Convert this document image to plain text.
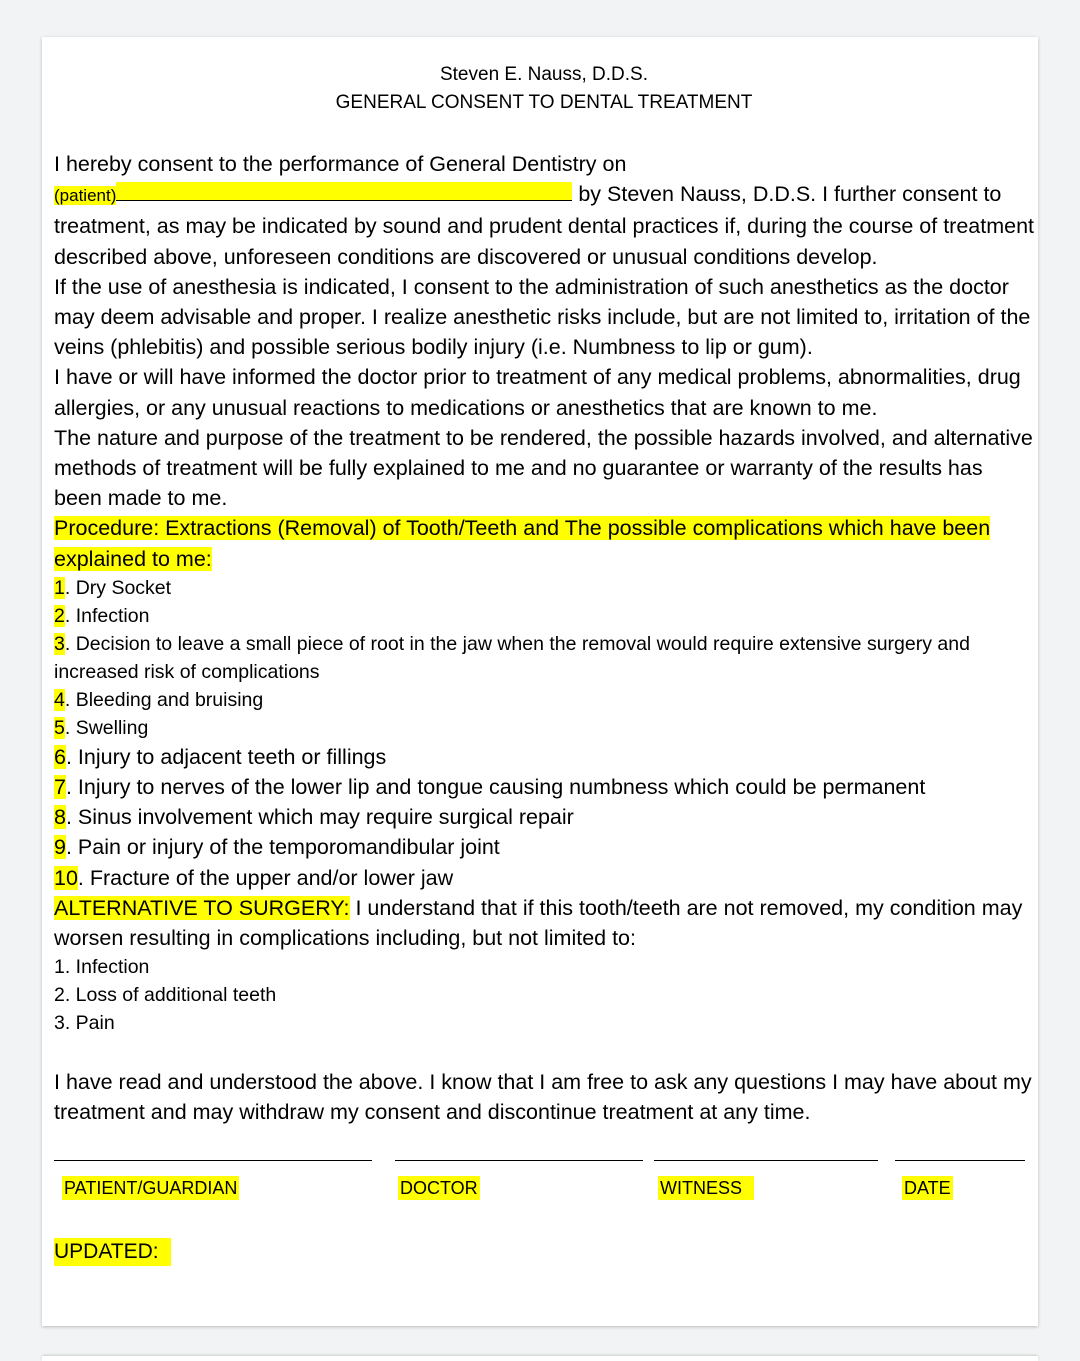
Steven E. Nauss, D.D.S.
GENERAL CONSENT TO DENTAL TREATMENT

I hereby consent to the performance of General Dentistry on
(patient)	by Steven Nauss, D.D.S. I further consent to treatment, as may be indicated by sound and prudent dental practices if, during the course of treatment described above, unforeseen conditions are discovered or unusual conditions develop.

If the use of anesthesia is indicated, I consent to the administration of such anesthetics as the doctor may deem advisable and proper. I realize anesthetic risks include, but are not limited to, irritation of the veins (phlebitis) and possible serious bodily injury (i.e. Numbness to lip or gum).

I have or will have informed the doctor prior to treatment of any medical problems, abnormalities, drug allergies, or any unusual reactions to medications or anesthetics that are known to me.

The nature and purpose of the treatment to be rendered, the possible hazards involved, and alternative methods of treatment will be fully explained to me and no guarantee or warranty of the results has been made to me.

Procedure: Extractions (Removal) of Tooth/Teeth and The possible complications which have been explained to me:

1. Dry Socket

2. Infection

3. Decision to leave a small piece of root in the jaw when the removal would require extensive surgery and increased risk of complications

4. Bleeding and bruising

5. Swelling

6. Injury to adjacent teeth or fillings

7. Injury to nerves of the lower lip and tongue causing numbness which could be permanent

8. Sinus involvement which may require surgical repair

9. Pain or injury of the temporomandibular joint

10. Fracture of the upper and/or lower jaw

ALTERNATIVE TO SURGERY: I understand that if this tooth/teeth are not removed, my condition may worsen resulting in complications including, but not limited to:

1. Infection

2. Loss of additional teeth

3. Pain

I have read and understood the above. I know that I am free to ask any questions I may have about my treatment and may withdraw my consent and discontinue treatment at any time.

PATIENT/GUARDIAN	DOCTOR	WITNESS	DATE
UPDATED:
